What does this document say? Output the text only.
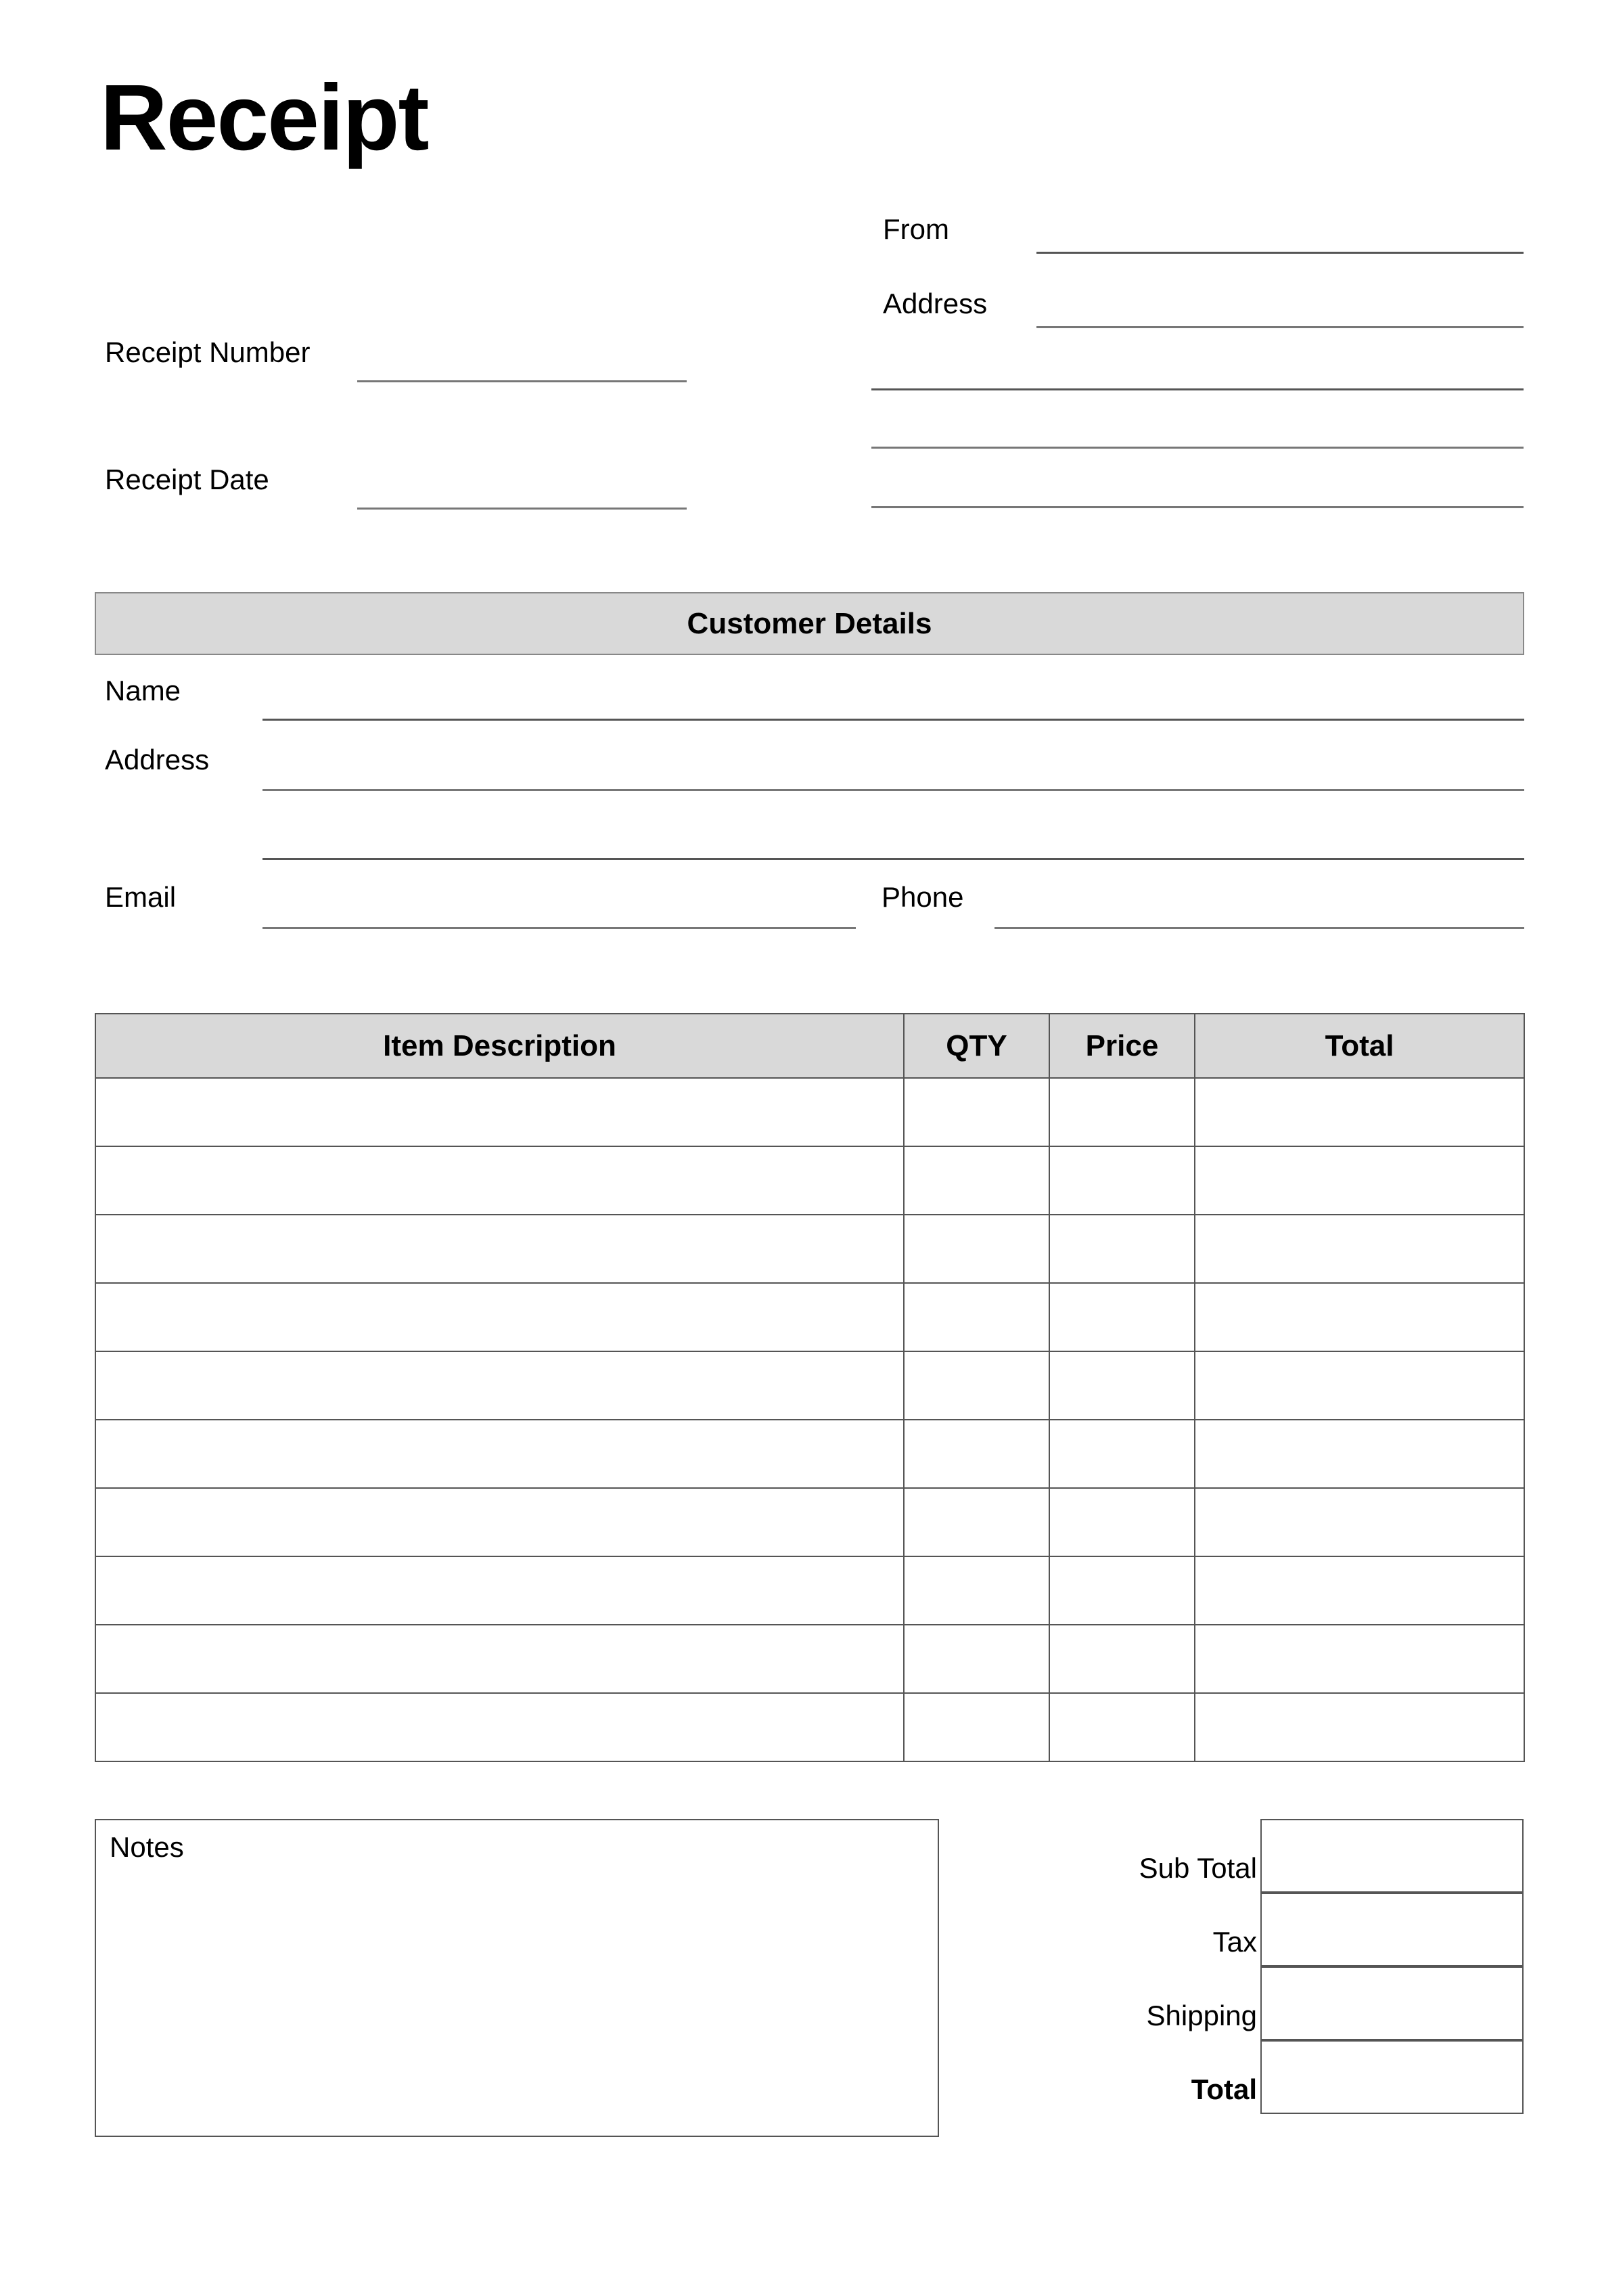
Receipt
Receipt Number
Receipt Date
From
Address
Customer Details
Name
Address
Email	Phone
Item Description	QTY	Price	Total

Notes
Sub Total
Tax
Shipping
Total
